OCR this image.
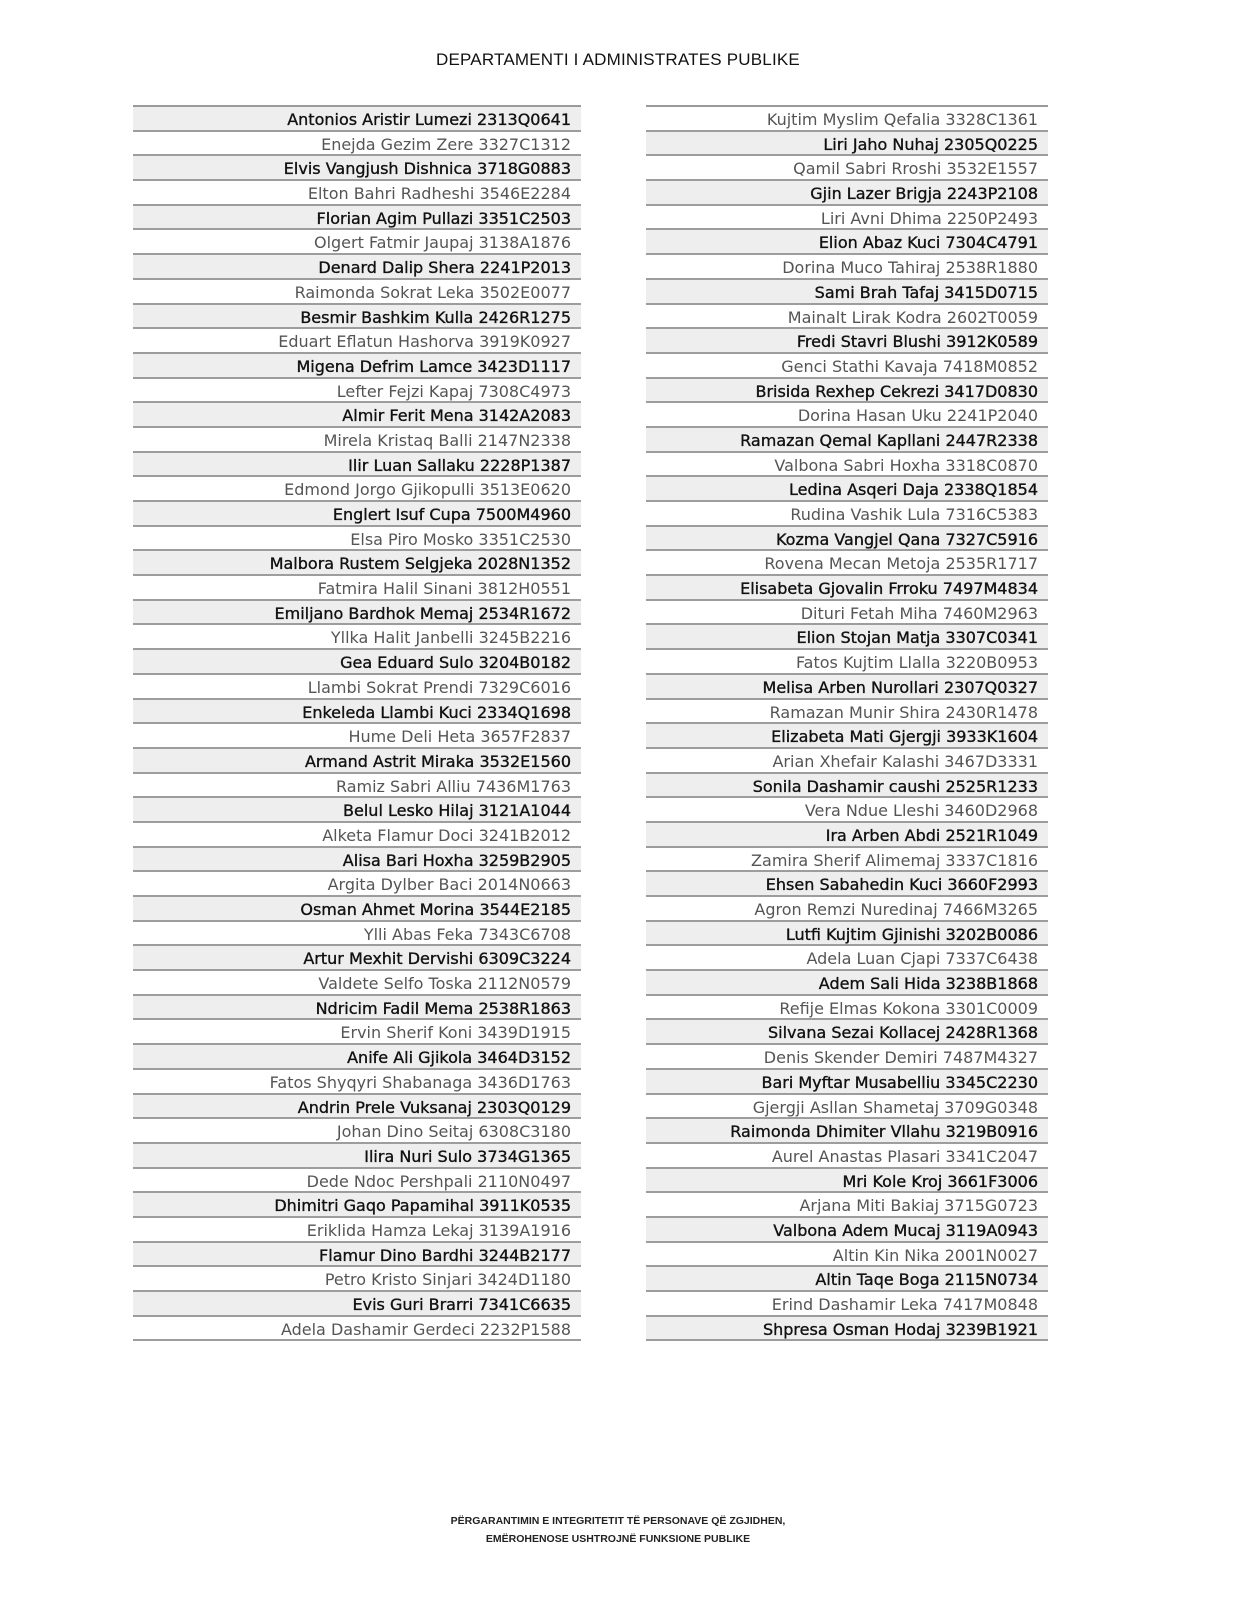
DEPARTAMENTI I ADMINISTRATES PUBLIKE
Antonios Aristir Lumezi 2313Q0641
Enejda Gezim Zere 3327C1312
Elvis Vangjush Dishnica 3718G0883
Elton Bahri Radheshi 3546E2284
Florian Agim Pullazi 3351C2503
Olgert Fatmir Jaupaj 3138A1876
Denard Dalip Shera 2241P2013
Raimonda Sokrat Leka 3502E0077
Besmir Bashkim Kulla 2426R1275
Eduart Eflatun Hashorva 3919K0927
Migena Defrim Lamce 3423D1117
Lefter Fejzi Kapaj 7308C4973
Almir Ferit Mena 3142A2083
Mirela Kristaq Balli 2147N2338
Ilir Luan Sallaku 2228P1387
Edmond Jorgo Gjikopulli 3513E0620
Englert Isuf Cupa 7500M4960
Elsa Piro Mosko 3351C2530
Malbora Rustem Selgjeka 2028N1352
Fatmira Halil Sinani 3812H0551
Emiljano Bardhok Memaj 2534R1672
Yllka Halit Janbelli 3245B2216
Gea Eduard Sulo 3204B0182
Llambi Sokrat Prendi 7329C6016
Enkeleda Llambi Kuci 2334Q1698
Hume Deli Heta 3657F2837
Armand Astrit Miraka 3532E1560
Ramiz Sabri Alliu 7436M1763
Belul Lesko Hilaj 3121A1044
Alketa Flamur Doci 3241B2012
Alisa Bari Hoxha 3259B2905
Argita Dylber Baci 2014N0663
Osman Ahmet Morina 3544E2185
Ylli Abas Feka 7343C6708
Artur Mexhit Dervishi 6309C3224
Valdete Selfo Toska 2112N0579
Ndricim Fadil Mema 2538R1863
Ervin Sherif Koni 3439D1915
Anife Ali Gjikola 3464D3152
Fatos Shyqyri Shabanaga 3436D1763
Andrin Prele Vuksanaj 2303Q0129
Johan Dino Seitaj 6308C3180
Ilira Nuri Sulo 3734G1365
Dede Ndoc Pershpali 2110N0497
Dhimitri Gaqo Papamihal 3911K0535
Eriklida Hamza Lekaj 3139A1916
Flamur Dino Bardhi 3244B2177
Petro Kristo Sinjari 3424D1180
Evis Guri Brarri 7341C6635
Adela Dashamir Gerdeci 2232P1588
Kujtim Myslim Qefalia 3328C1361
Liri Jaho Nuhaj 2305Q0225
Qamil Sabri Rroshi 3532E1557
Gjin Lazer Brigja 2243P2108
Liri Avni Dhima 2250P2493
Elion Abaz Kuci 7304C4791
Dorina Muco Tahiraj 2538R1880
Sami Brah Tafaj 3415D0715
Mainalt Lirak Kodra 2602T0059
Fredi Stavri Blushi 3912K0589
Genci Stathi Kavaja 7418M0852
Brisida Rexhep Cekrezi 3417D0830
Dorina Hasan Uku 2241P2040
Ramazan Qemal Kapllani 2447R2338
Valbona Sabri Hoxha 3318C0870
Ledina Asqeri Daja 2338Q1854
Rudina Vashik Lula 7316C5383
Kozma Vangjel Qana 7327C5916
Rovena Mecan Metoja 2535R1717
Elisabeta Gjovalin Frroku 7497M4834
Dituri Fetah Miha 7460M2963
Elion Stojan Matja 3307C0341
Fatos Kujtim Llalla 3220B0953
Melisa Arben Nurollari 2307Q0327
Ramazan Munir Shira 2430R1478
Elizabeta Mati Gjergji 3933K1604
Arian Xhefair Kalashi 3467D3331
Sonila Dashamir caushi 2525R1233
Vera Ndue Lleshi 3460D2968
Ira Arben Abdi 2521R1049
Zamira Sherif Alimemaj 3337C1816
Ehsen Sabahedin Kuci 3660F2993
Agron Remzi Nuredinaj 7466M3265
Lutfi Kujtim Gjinishi 3202B0086
Adela Luan Cjapi 7337C6438
Adem Sali Hida 3238B1868
Refije Elmas Kokona 3301C0009
Silvana Sezai Kollacej 2428R1368
Denis Skender Demiri 7487M4327
Bari Myftar Musabelliu 3345C2230
Gjergji Asllan Shametaj 3709G0348
Raimonda Dhimiter Vllahu 3219B0916
Aurel Anastas Plasari 3341C2047
Mri Kole Kroj 3661F3006
Arjana Miti Bakiaj 3715G0723
Valbona Adem Mucaj 3119A0943
Altin Kin Nika 2001N0027
Altin Taqe Boga 2115N0734
Erind Dashamir Leka 7417M0848
Shpresa Osman Hodaj 3239B1921
PËRGARANTIMIN E INTEGRITETIT TË PERSONAVE QË ZGJIDHEN,
EMËROHENOSE USHTROJNË FUNKSIONE PUBLIKE
